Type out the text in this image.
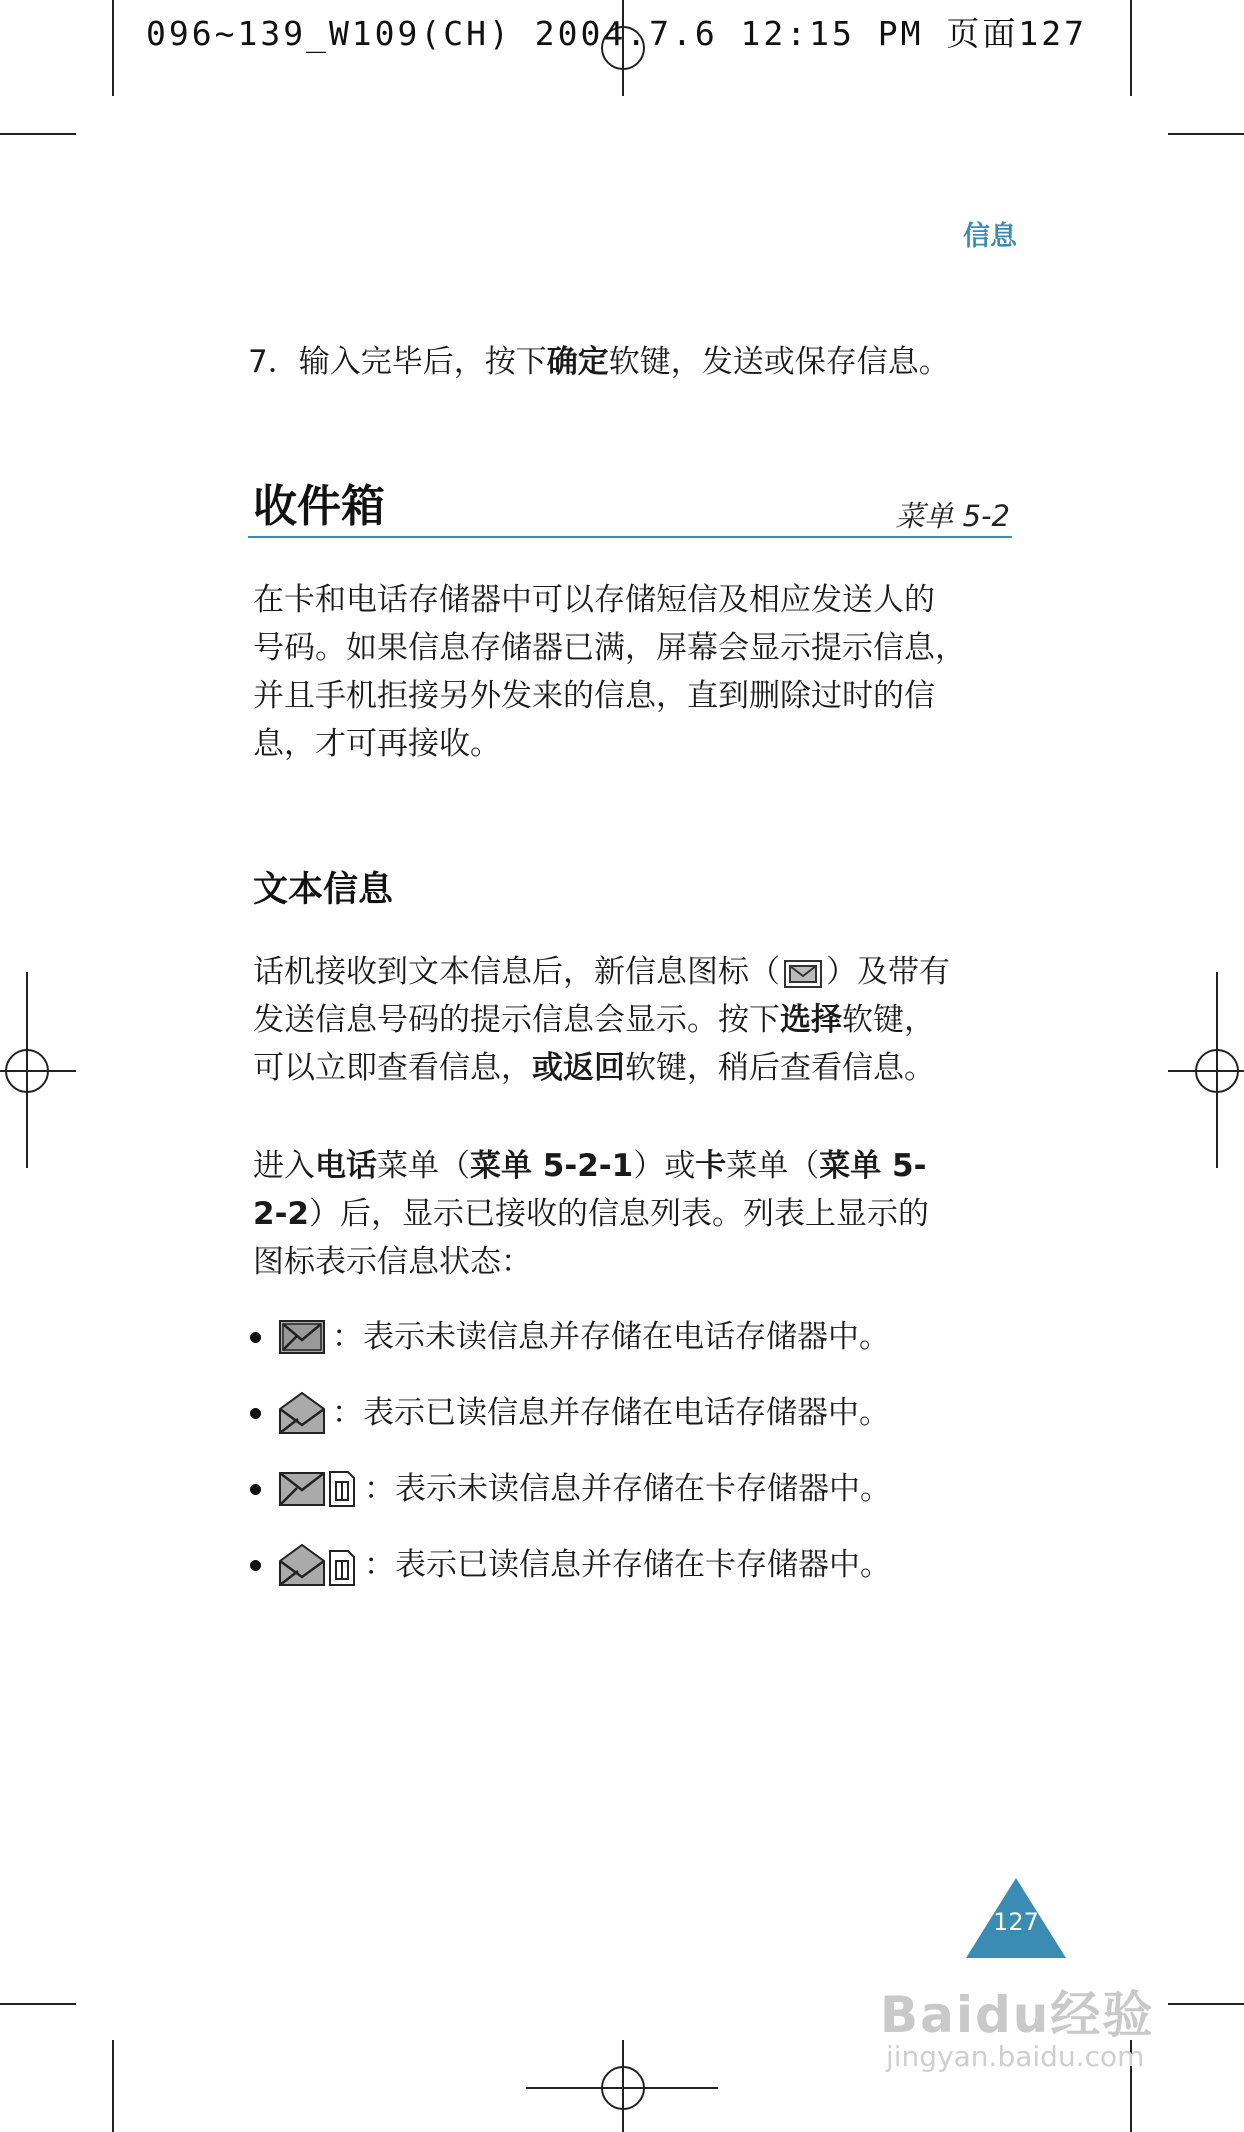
096~139_W109(CH) 2004.7.6 12:15 PM 页面127
信息
7．输入完毕后，按下确定软键，发送或保存信息。
收件箱	菜单 5-2
在卡和电话存储器中可以存储短信及相应发送人的
号码。如果信息存储器已满，屏幕会显示提示信息，
并且手机拒接另外发来的信息，直到删除过时的信
息，才可再接收。
文本信息
话机接收到文本信息后，新信息图标（ ）及带有
发送信息号码的提示信息会显示。按下选择软键，
可以立即查看信息，或返回软键，稍后查看信息。
进入电话菜单（菜单 5-2-1）或卡菜单（菜单 5-
2-2）后，显示已接收的信息列表。列表上显示的
图标表示信息状态：
：表示未读信息并存储在电话存储器中。
：表示已读信息并存储在电话存储器中。
：表示未读信息并存储在卡存储器中。
：表示已读信息并存储在卡存储器中。
127
Baidu经验
jingyan.baidu.com
